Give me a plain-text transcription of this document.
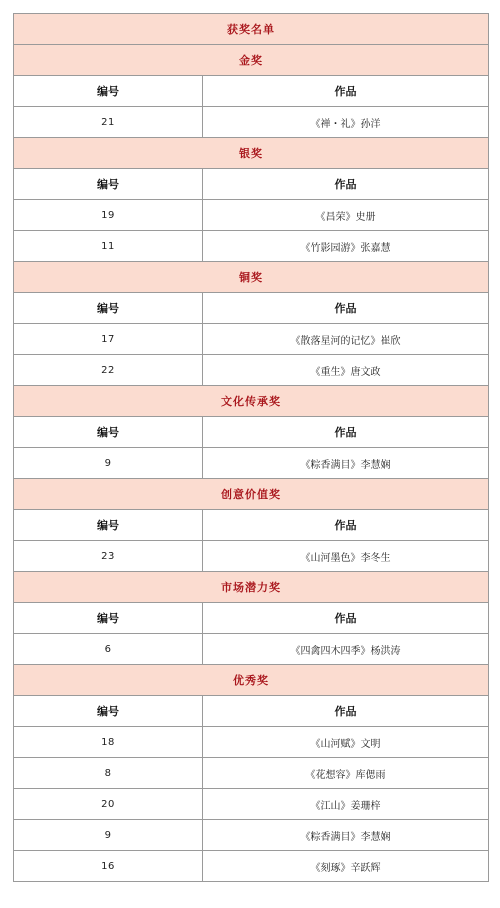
获奖名单	
金奖	
编号	作品
21	《禅・礼》孙洋
银奖	
编号	作品
19	《昌荣》史册
11	《竹影园游》张嘉慧
铜奖	
编号	作品
17	《散落星河的记忆》崔欣
22	《重生》唐文政
文化传承奖	
编号	作品
9	《粽香满目》李慧娴
创意价值奖	
编号	作品
23	《山河墨色》李冬生
市场潜力奖	
编号	作品
6	《四禽四木四季》杨洪涛
优秀奖	
编号	作品
18	《山河赋》文明
8	《花想容》库偲雨
20	《江山》姜珊梓
9	《粽香满目》李慧娴
16	《刻琢》辛跃辉
